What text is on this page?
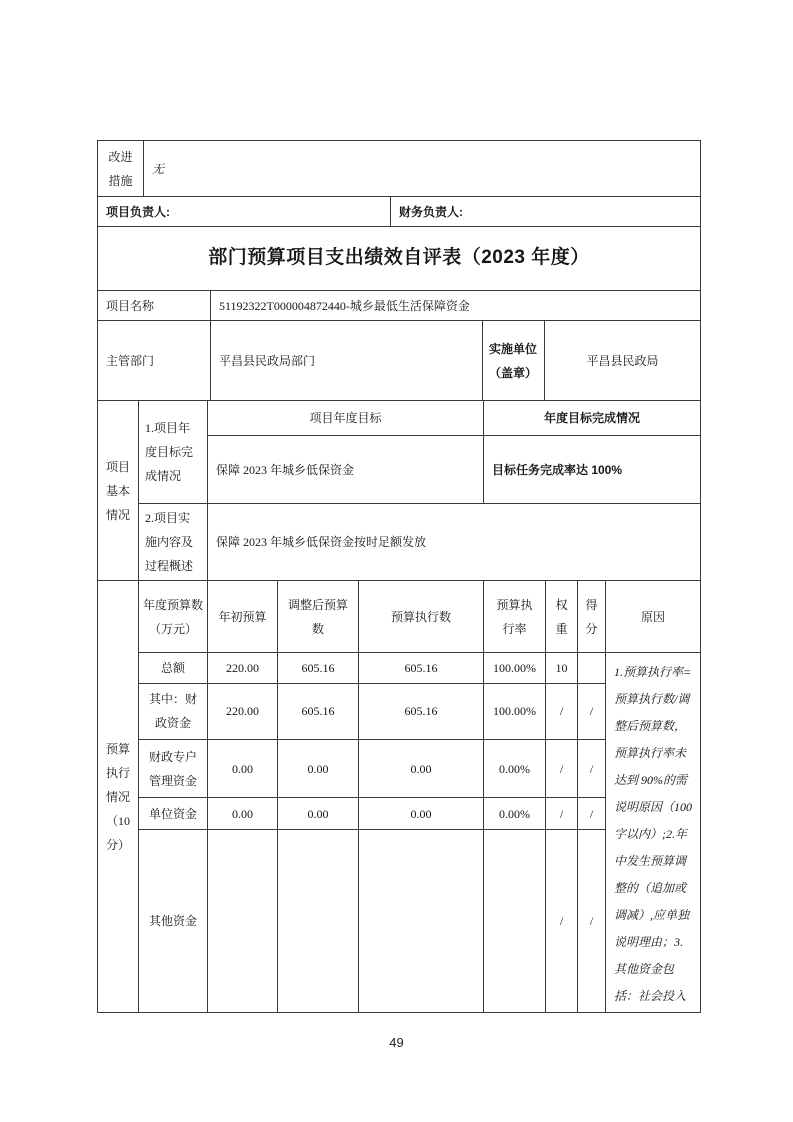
改进措施	无
项目负责人:	财务负责人:
部门预算项目支出绩效自评表（2023 年度）
项目名称	51192322T000004872440-城乡最低生活保障资金
主管部门	平昌县民政局部门	实施单位（盖章）	平昌县民政局
项目基本情况	1.项目年度目标完成情况	项目年度目标	年度目标完成情况
		保障 2023 年城乡低保资金	目标任务完成率达 100%
	2.项目实施内容及过程概述	保障 2023 年城乡低保资金按时足额发放	
预算执行情况（10 分）	年度预算数（万元）	年初预算	调整后预算数	预算执行数	预算执行率	权重	得分	原因
	总额	220.00	605.16	605.16	100.00%	10		1.预算执行率=预算执行数/调整后预算数，预算执行率未达到 90%的需说明原因（100 字以内）;2.年中发生预算调整的（追加或调减）,应单独说明理由；3.其他资金包括：社会投入
	其中：财政资金	220.00	605.16	605.16	100.00%	/	/	
	财政专户管理资金	0.00	0.00	0.00	0.00%	/	/	
	单位资金	0.00	0.00	0.00	0.00%	/	/	
	其他资金					/	/	
49
